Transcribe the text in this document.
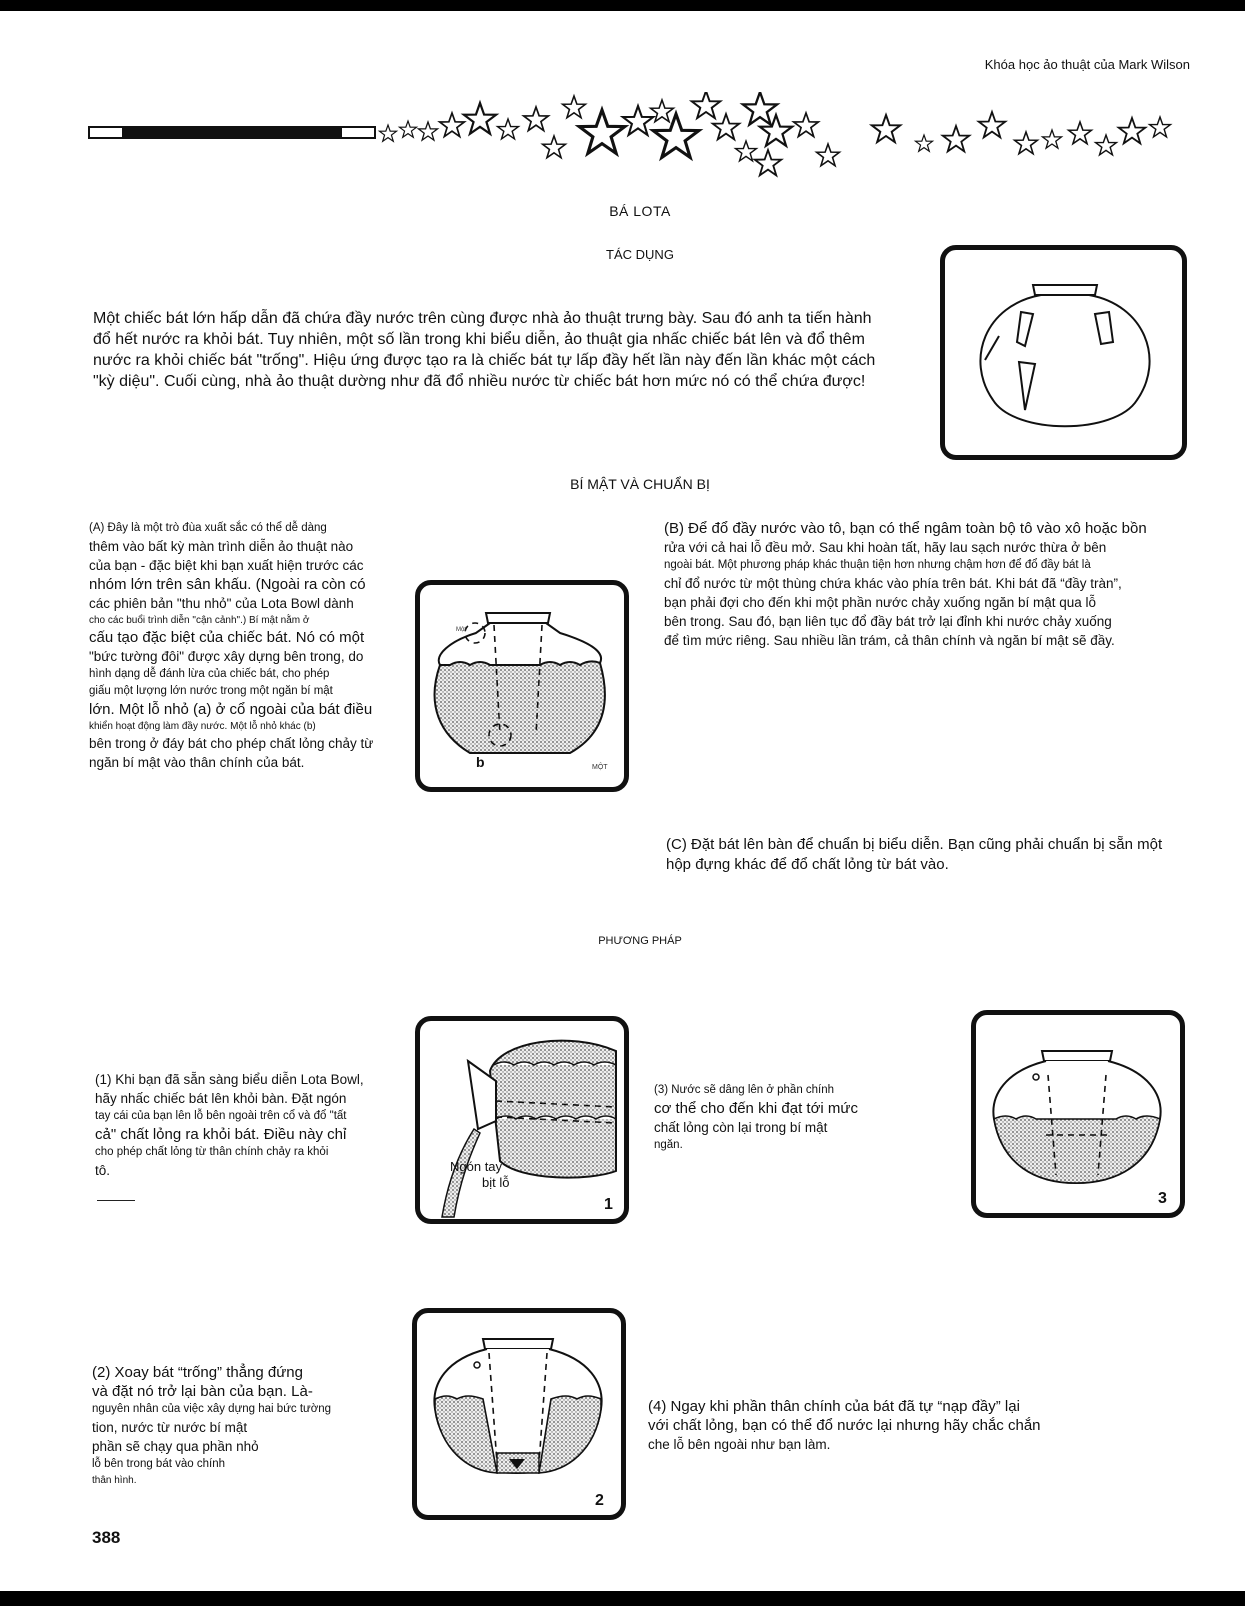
Khóa học ảo thuật của Mark Wilson
BÁ LOTA
TÁC DỤNG

Một chiếc bát lớn hấp dẫn đã chứa đầy nước trên cùng được nhà ảo thuật trưng bày. Sau đó anh ta tiến hành

đổ hết nước ra khỏi bát. Tuy nhiên, một số lần trong khi biểu diễn, ảo thuật gia nhấc chiếc bát lên và đổ thêm

nước ra khỏi chiếc bát "trống". Hiệu ứng được tạo ra là chiếc bát tự lấp đầy hết lần này đến lần khác một cách

"kỳ diệu". Cuối cùng, nhà ảo thuật dường như đã đổ nhiều nước từ chiếc bát hơn mức nó có thể chứa được!

BÍ MẬT VÀ CHUẨN BỊ
(A) Đây là một trò đùa xuất sắc có thể dễ dàng
thêm vào bất kỳ màn trình diễn ảo thuật nào
của bạn - đặc biệt khi bạn xuất hiện trước các
nhóm lớn trên sân khấu. (Ngoài ra còn có
các phiên bản "thu nhỏ" của Lota Bowl dành
cho các buổi trình diễn "cận cảnh".) Bí mật nằm ở
cấu tạo đặc biệt của chiếc bát. Nó có một
"bức tường đôi" được xây dựng bên trong, do
hình dạng dễ đánh lừa của chiếc bát, cho phép
giấu một lượng lớn nước trong một ngăn bí mật
lớn. Một lỗ nhỏ (a) ở cổ ngoài của bát điều
khiển hoạt động làm đầy nước. Một lỗ nhỏ khác (b)
bên trong ở đáy bát cho phép chất lỏng chảy từ
ngăn bí mật vào thân chính của bát.
Một
b	MỘT
(B) Để đổ đầy nước vào tô, bạn có thể ngâm toàn bộ tô vào xô hoặc bồn
rửa với cả hai lỗ đều mở. Sau khi hoàn tất, hãy lau sạch nước thừa ở bên
ngoài bát. Một phương pháp khác thuận tiện hơn nhưng chậm hơn để đổ đầy bát là
chỉ đổ nước từ một thùng chứa khác vào phía trên bát. Khi bát đã “đầy tràn”,
bạn phải đợi cho đến khi một phần nước chảy xuống ngăn bí mật qua lỗ
bên trong. Sau đó, bạn liên tục đổ đầy bát trở lại đỉnh khi nước chảy xuống
để tìm mức riêng. Sau nhiều lần trám, cả thân chính và ngăn bí mật sẽ đầy.
(C) Đặt bát lên bàn để chuẩn bị biểu diễn. Bạn cũng phải chuẩn bị sẵn một
hộp đựng khác để đổ chất lỏng từ bát vào.
PHƯƠNG PHÁP
(1) Khi bạn đã sẵn sàng biểu diễn Lota Bowl,
hãy nhấc chiếc bát lên khỏi bàn. Đặt ngón
tay cái của bạn lên lỗ bên ngoài trên cổ và đổ "tất
cả" chất lỏng ra khỏi bát. Điều này chỉ
cho phép chất lỏng từ thân chính chảy ra khỏi
tô.	Ngón tay
bịt lỗ
1
(3) Nước sẽ dâng lên ở phần chính
cơ thể cho đến khi đạt tới mức
chất lỏng còn lại trong bí mật
ngăn.
3
(2) Xoay bát “trống” thẳng đứng
và đặt nó trở lại bàn của bạn. Là-
nguyên nhân của việc xây dựng hai bức tường
tion, nước từ nước bí mật
phần sẽ chạy qua phần nhỏ
lỗ bên trong bát vào chính
thân hình.
2
(4) Ngay khi phần thân chính của bát đã tự “nạp đầy” lại
với chất lỏng, bạn có thể đổ nước lại nhưng hãy chắc chắn
che lỗ bên ngoài như bạn làm.
388
